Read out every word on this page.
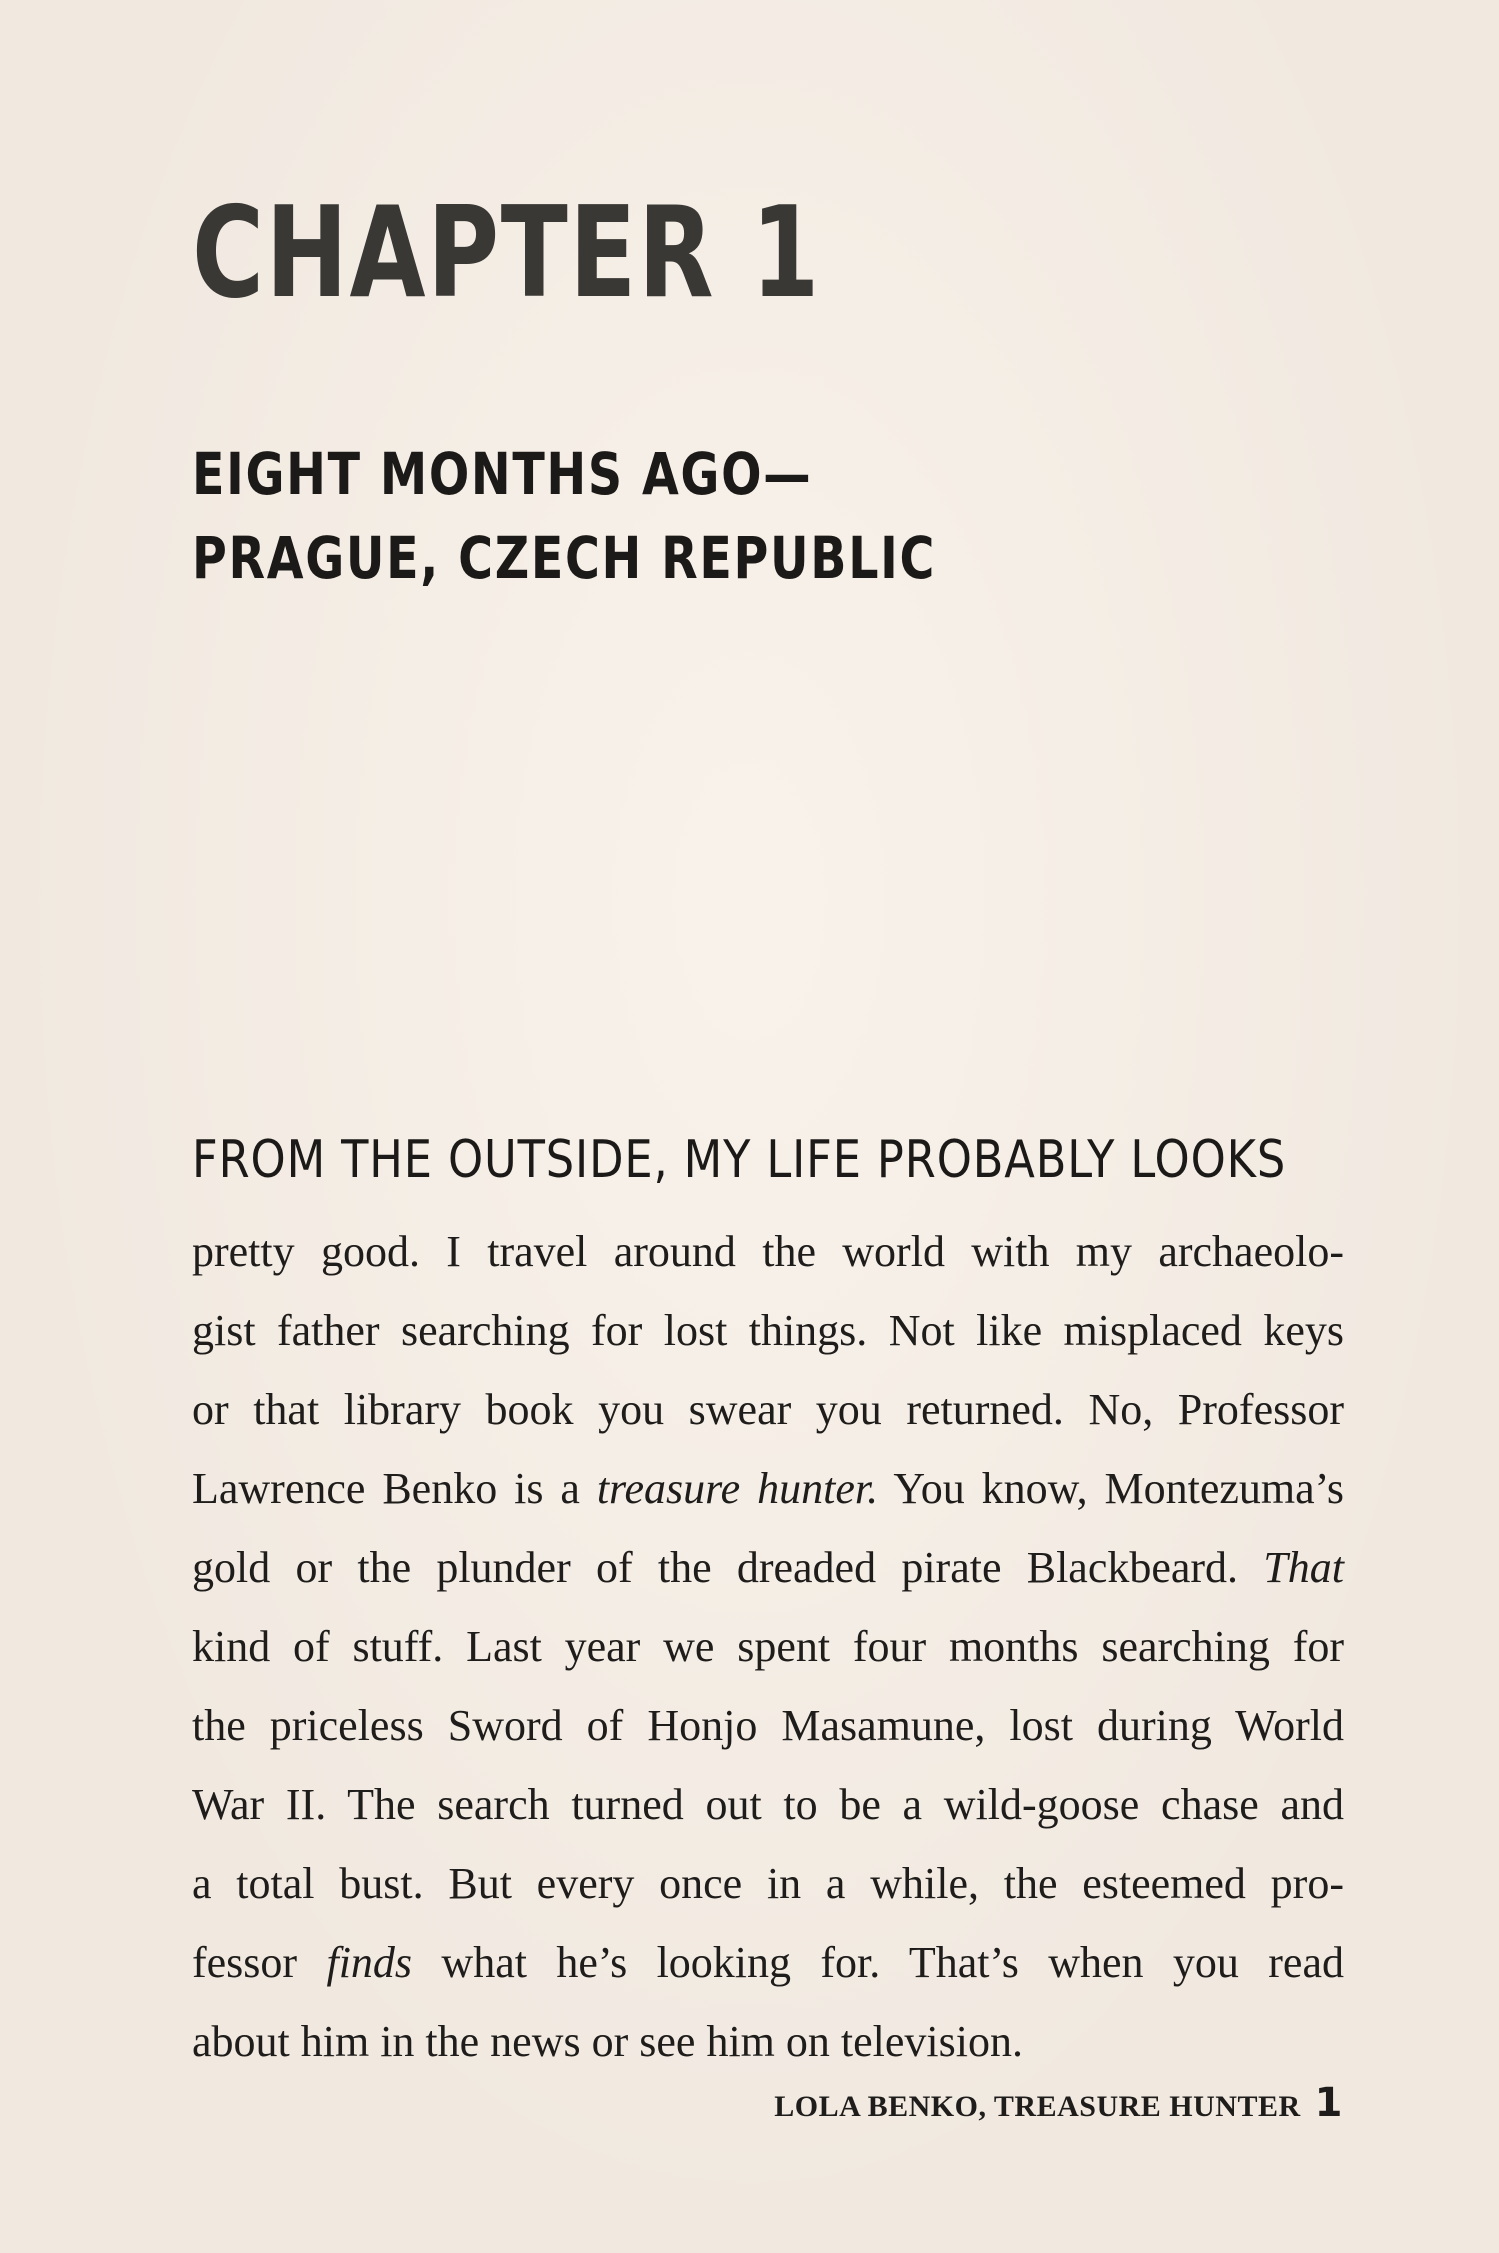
CHAPTER 1
EIGHT MONTHS AGO—
PRAGUE, CZECH REPUBLIC
FROM THE OUTSIDE, MY LIFE PROBABLY LOOKS
pretty good. I travel around the world with my archaeolo-
gist father searching for lost things. Not like misplaced keys
or that library book you swear you returned. No, Professor
Lawrence Benko is a treasure hunter. You know, Montezuma’s
gold or the plunder of the dreaded pirate Blackbeard. That
kind of stuff. Last year we spent four months searching for
the priceless Sword of Honjo Masamune, lost during World
War II. The search turned out to be a wild-goose chase and
a total bust. But every once in a while, the esteemed pro-
fessor finds what he’s looking for. That’s when you read
about him in the news or see him on television.
LOLA BENKO, TREASURE HUNTER 1
